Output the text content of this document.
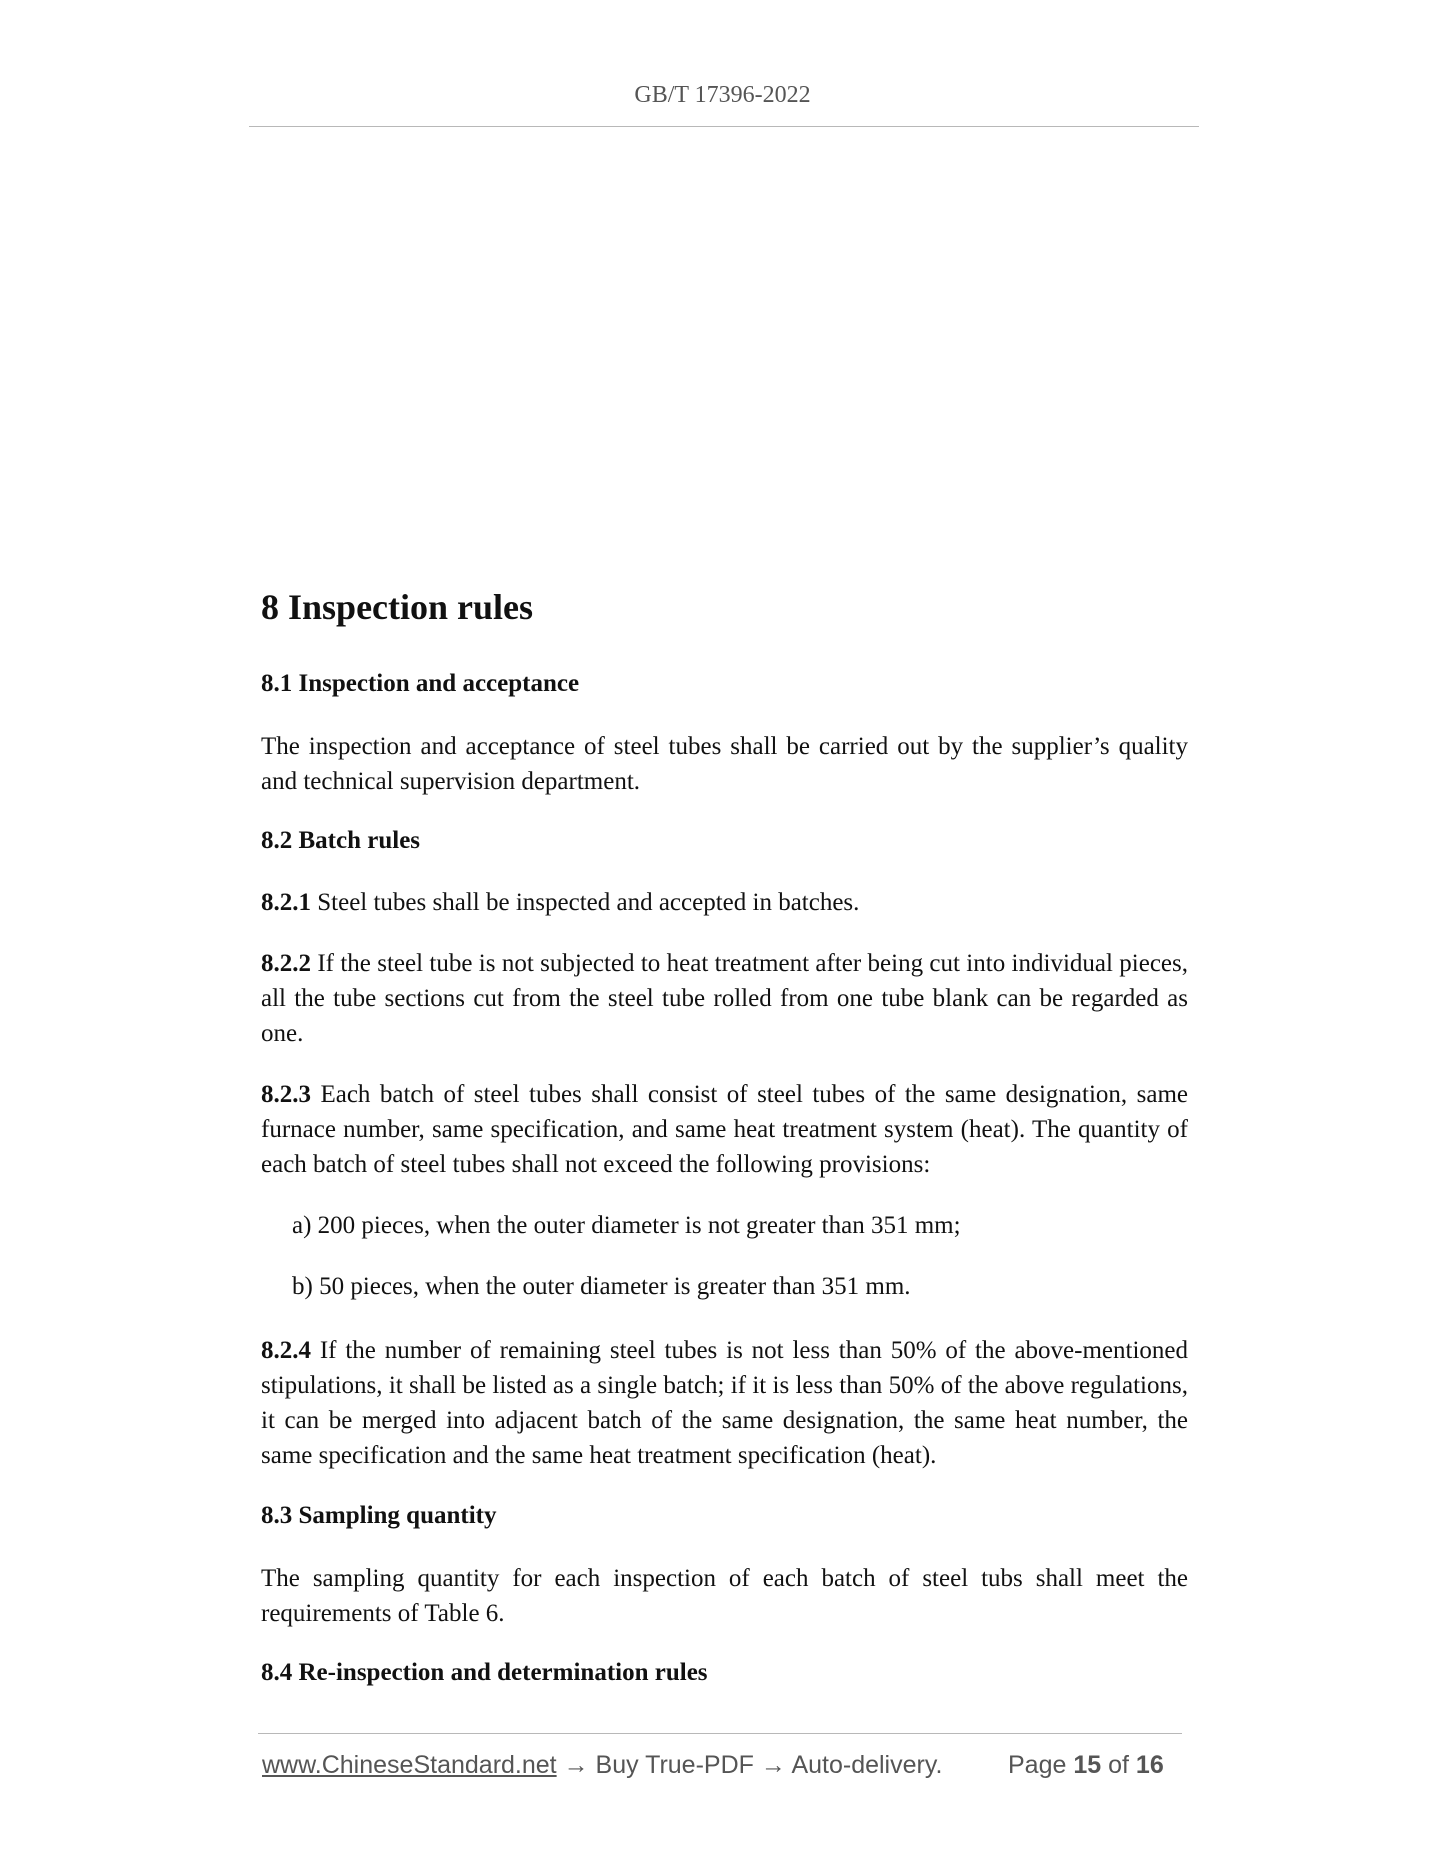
GB/T 17396-2022
8 Inspection rules
8.1 Inspection and acceptance
The inspection and acceptance of steel tubes shall be carried out by the supplier’s quality and technical supervision department.
8.2 Batch rules
8.2.1 Steel tubes shall be inspected and accepted in batches.
8.2.2 If the steel tube is not subjected to heat treatment after being cut into individual pieces, all the tube sections cut from the steel tube rolled from one tube blank can be regarded as one.
8.2.3 Each batch of steel tubes shall consist of steel tubes of the same designation, same furnace number, same specification, and same heat treatment system (heat). The quantity of each batch of steel tubes shall not exceed the following provisions:
a) 200 pieces, when the outer diameter is not greater than 351 mm;
b) 50 pieces, when the outer diameter is greater than 351 mm.
8.2.4 If the number of remaining steel tubes is not less than 50% of the above-mentioned stipulations, it shall be listed as a single batch; if it is less than 50% of the above regulations, it can be merged into adjacent batch of the same designation, the same heat number, the same specification and the same heat treatment specification (heat).
8.3 Sampling quantity
The sampling quantity for each inspection of each batch of steel tubs shall meet the requirements of Table 6.
8.4 Re-inspection and determination rules
www.ChineseStandard.net → Buy True-PDF → Auto-delivery.	Page 15 of 16
